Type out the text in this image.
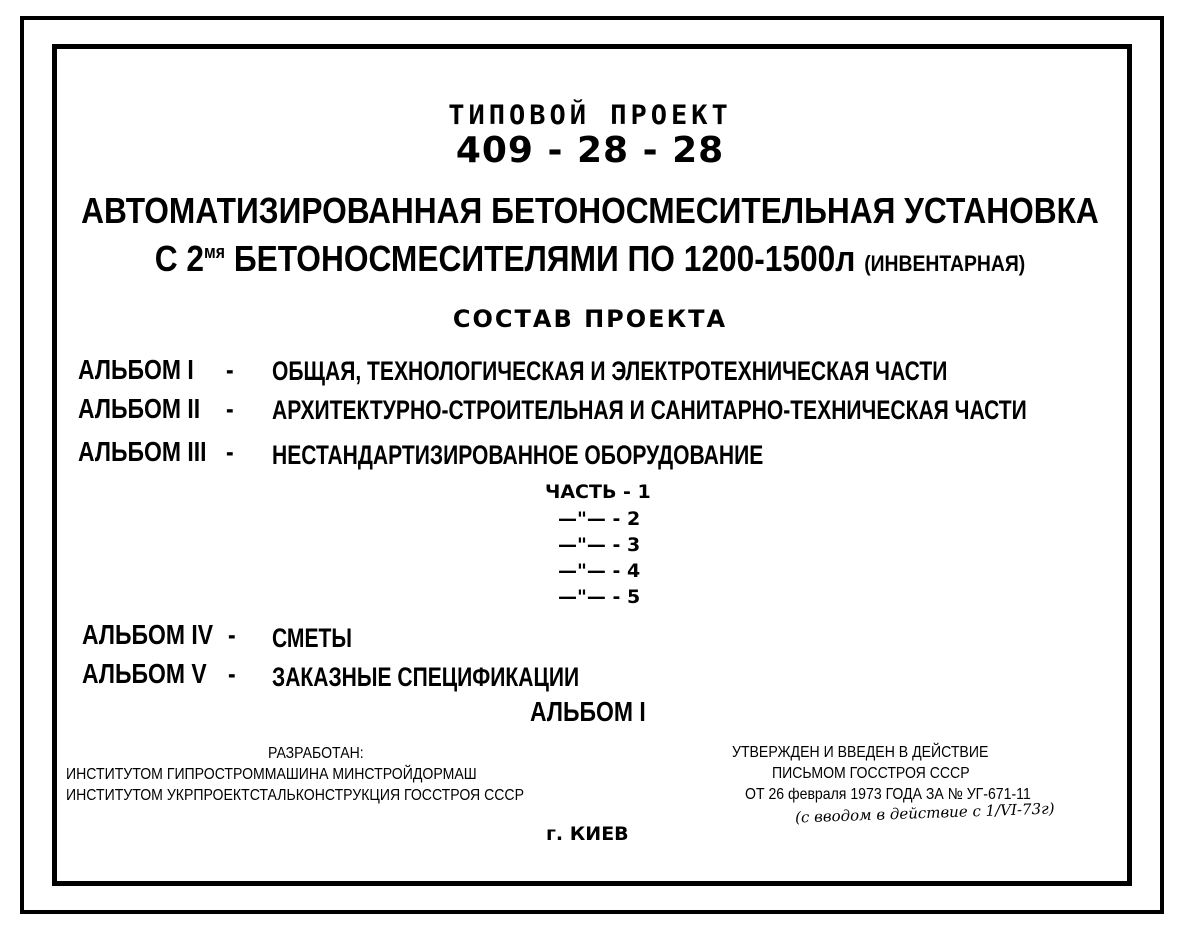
ТИПОВОЙ ПРОЕКТ
409 - 28 - 28
АВТОМАТИЗИРОВАННАЯ БЕТОНОСМЕСИТЕЛЬНАЯ УСТАНОВКА
С $2^{мя}$ БЕТОНОСМЕСИТЕЛЯМИ ПО 1200-1500л (ИНВЕНТАРНАЯ)
СОСТАВ ПРОЕКТА
АЛЬБОМ I - ОБЩАЯ, ТЕХНОЛОГИЧЕСКАЯ И ЭЛЕКТРОТЕХНИЧЕСКАЯ ЧАСТИ
АЛЬБОМ II - АРХИТЕКТУРНО-СТРОИТЕЛЬНАЯ И САНИТАРНО-ТЕХНИЧЕСКАЯ ЧАСТИ
АЛЬБОМ III - НЕСТАНДАРТИЗИРОВАННОЕ ОБОРУДОВАНИЕ
ЧАСТЬ - 1
—"— - 2
—"— - 3
—"— - 4
—"— - 5
АЛЬБОМ IV - СМЕТЫ
АЛЬБОМ V - ЗАКАЗНЫЕ СПЕЦИФИКАЦИИ
АЛЬБОМ I
РАЗРАБОТАН:
ИНСТИТУТОМ ГИПРОСТРОММАШИНА МИНСТРОЙДОРМАШ
ИНСТИТУТОМ УКРПРОЕКТСТАЛЬКОНСТРУКЦИЯ ГОССТРОЯ СССР
УТВЕРЖДЕН И ВВЕДЕН В ДЕЙСТВИЕ
ПИСЬМОМ ГОССТРОЯ СССР
ОТ 26 февраля 1973 ГОДА ЗА № УГ-671-11
(с вводом в действие с 1/VI-73г)
г. КИЕВ
